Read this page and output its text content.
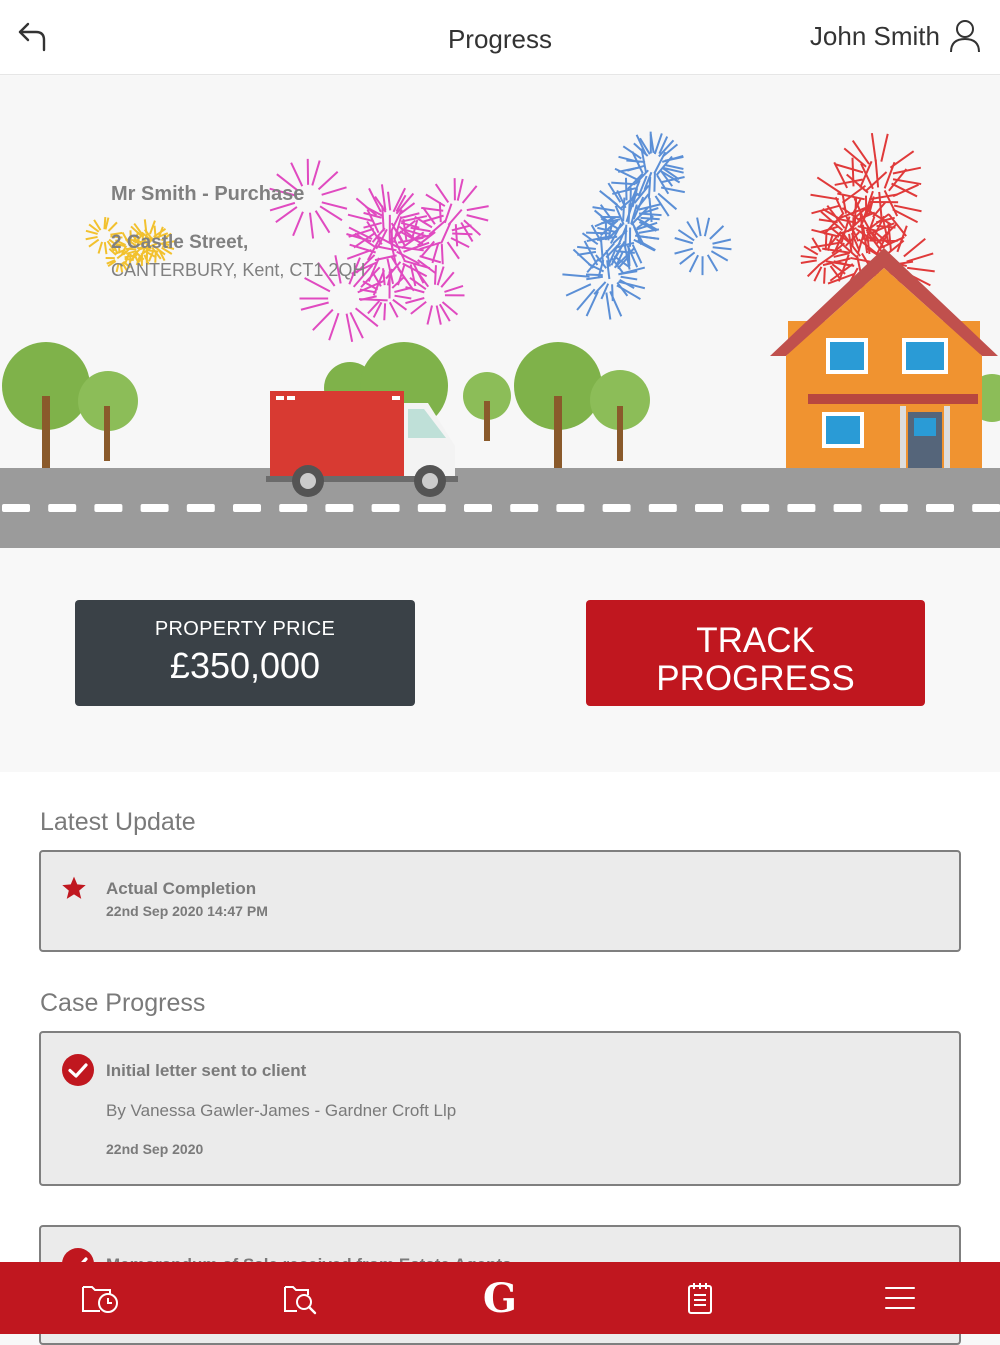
Progress	John Smith
Mr Smith - Purchase
2 Castle Street,
CANTERBURY, Kent, CT1 2QH
PROPERTY PRICE
£350,000
TRACK
PROGRESS
Latest Update
Actual Completion
22nd Sep 2020 14:47 PM
Case Progress
Initial letter sent to client
By Vanessa Gawler-James - Gardner Croft Llp
22nd Sep 2020
G
